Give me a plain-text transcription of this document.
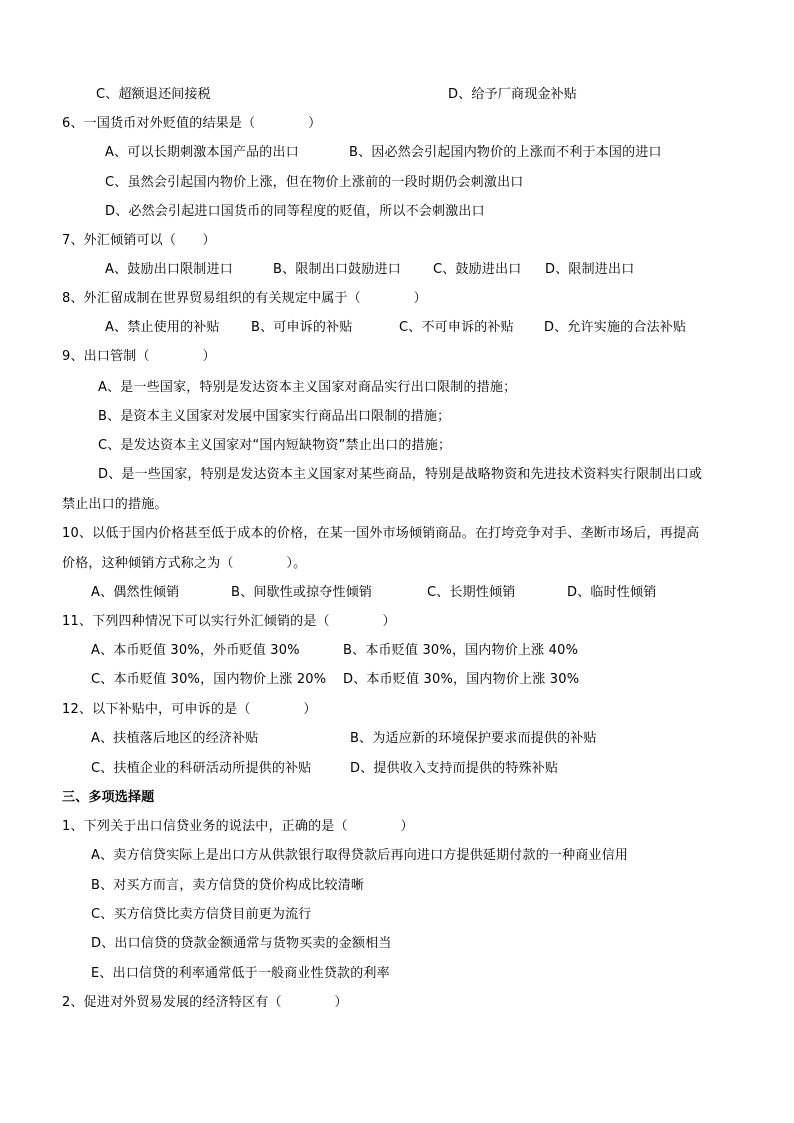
C、超额退还间接税	D、给予厂商现金补贴
6、一国货币对外贬值的结果是（　　　　）
A、可以长期刺激本国产品的出口	B、因必然会引起国内物价的上涨而不利于本国的进口
C、虽然会引起国内物价上涨，但在物价上涨前的一段时期仍会刺激出口
D、必然会引起进口国货币的同等程度的贬值，所以不会刺激出口
7、外汇倾销可以（　　）
A、鼓励出口限制进口	B、限制出口鼓励进口 C、鼓励进出口 D、限制进出口
8、外汇留成制在世界贸易组织的有关规定中属于（　　　　）
A、禁止使用的补贴 B、可申诉的补贴	C、不可申诉的补贴 D、允许实施的合法补贴
9、出口管制（　　　　）
A、是一些国家，特别是发达资本主义国家对商品实行出口限制的措施；
B、是资本主义国家对发展中国家实行商品出口限制的措施；
C、是发达资本主义国家对“国内短缺物资”禁止出口的措施；
D、是一些国家，特别是发达资本主义国家对某些商品，特别是战略物资和先进技术资料实行限制出口或
禁止出口的措施。
10、以低于国内价格甚至低于成本的价格，在某一国外市场倾销商品。在打垮竞争对手、垄断市场后，再提高
价格，这种倾销方式称之为（　　　　）。
A、偶然性倾销	B、间歇性或掠夺性倾销	C、长期性倾销	D、临时性倾销
11、下列四种情况下可以实行外汇倾销的是（　　　　）
A、本币贬值 30%，外币贬值 30%	B、本币贬值 30%，国内物价上涨 40%
C、本币贬值 30%，国内物价上涨 20% D、本币贬值 30%，国内物价上涨 30%
12、以下补贴中，可申诉的是（　　　　）
A、扶植落后地区的经济补贴	B、为适应新的环境保护要求而提供的补贴
C、扶植企业的科研活动所提供的补贴	D、提供收入支持而提供的特殊补贴
三、多项选择题
1、下列关于出口信贷业务的说法中，正确的是（　　　　）
A、卖方信贷实际上是出口方从供款银行取得贷款后再向进口方提供延期付款的一种商业信用
B、对买方而言，卖方信贷的贷价构成比较清晰
C、买方信贷比卖方信贷目前更为流行
D、出口信贷的贷款金额通常与货物买卖的金额相当
E、出口信贷的利率通常低于一般商业性贷款的利率
2、促进对外贸易发展的经济特区有（　　　　）
